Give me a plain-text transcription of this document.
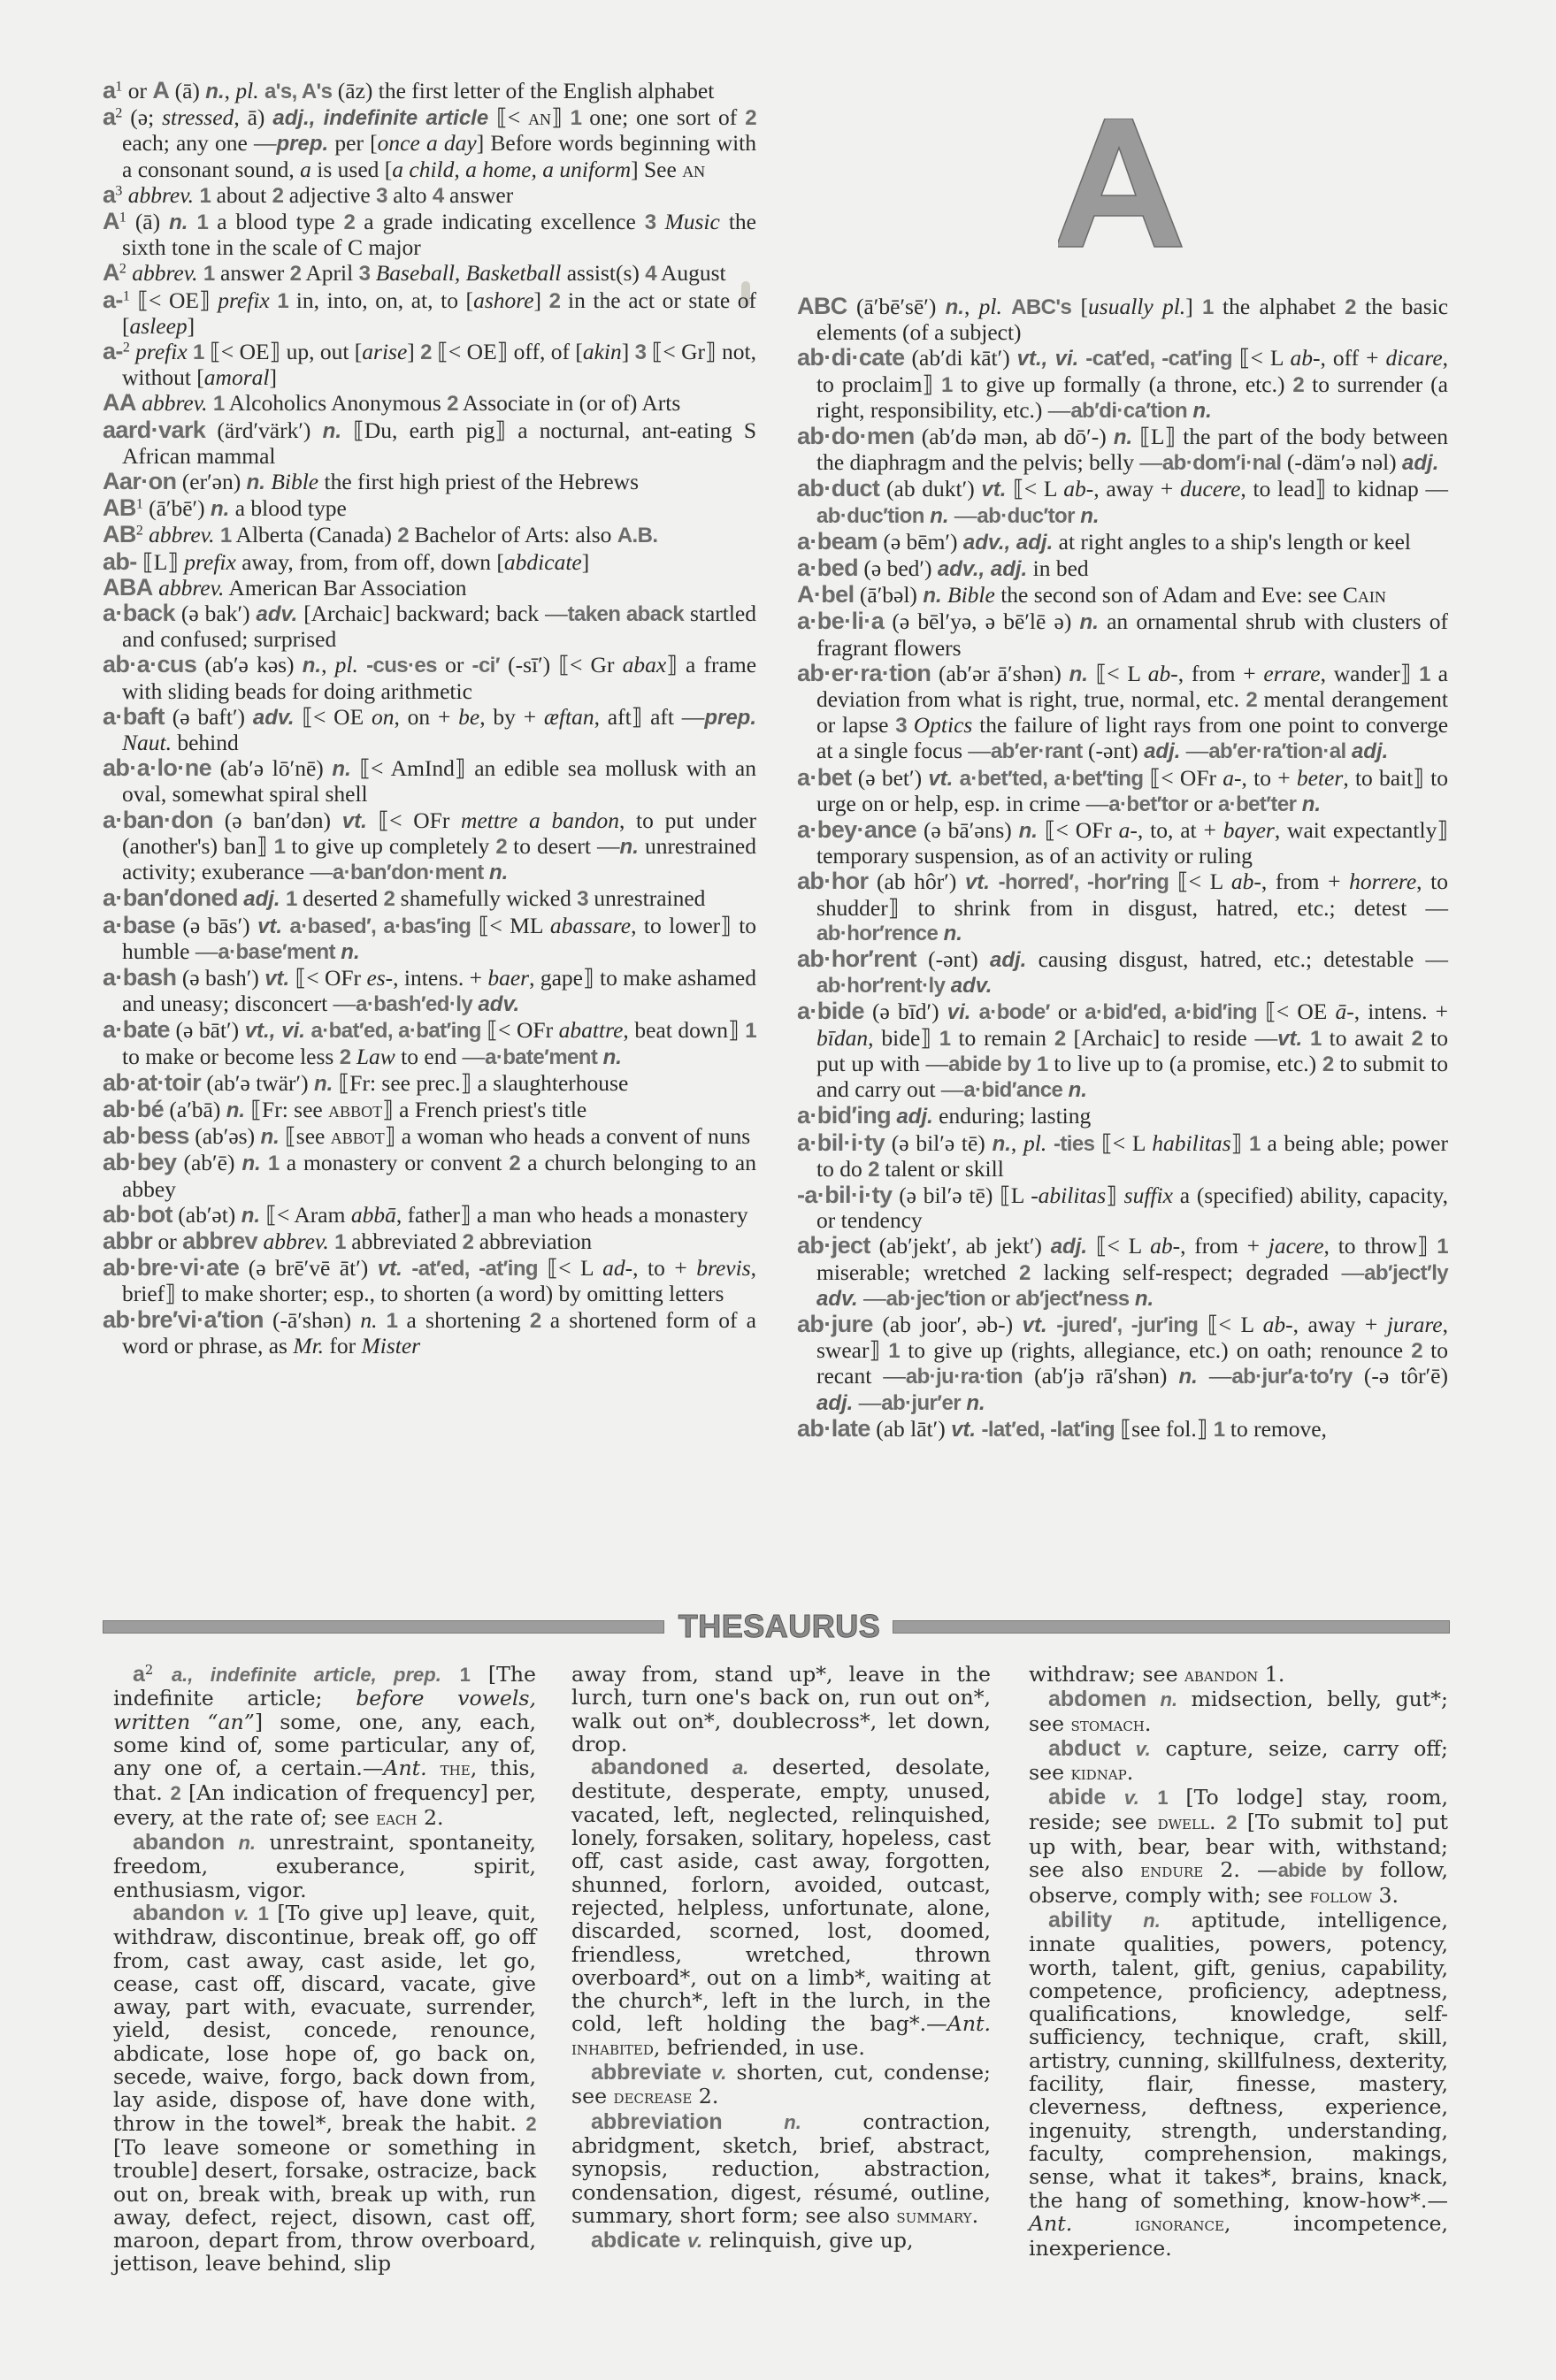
$a^1$ or A (ā) n., pl. a's, A's (āz) the first letter of the English alphabet

$a^2$ (ə; stressed, ā) adj., indefinite article ⟦< an⟧ 1 one; one sort of 2 each; any one —prep. per [once a day] Before words beginning with a consonant sound, a is used [a child, a home, a uniform] See an

$a^3$ abbrev. 1 about 2 adjective 3 alto 4 answer

$A^1$ (ā) n. 1 a blood type 2 a grade indicating excellence 3 Music the sixth tone in the scale of C major

$A^2$ abbrev. 1 answer 2 April 3 Baseball, Basketball assist(s) 4 August

a-$^1$ ⟦< OE⟧ prefix 1 in, into, on, at, to [ashore] 2 in the act or state of [asleep]

a-$^2$ prefix 1 ⟦< OE⟧ up, out [arise] 2 ⟦< OE⟧ off, of [akin] 3 ⟦< Gr⟧ not, without [amoral]

AA abbrev. 1 Alcoholics Anonymous 2 Associate in (or of) Arts

aard·vark (ärd′värk′) n. ⟦Du, earth pig⟧ a nocturnal, ant-eating S African mammal

Aar·on (er′ən) n. Bible the first high priest of the Hebrews

$AB^1$ (ā′bē′) n. a blood type

$AB^2$ abbrev. 1 Alberta (Canada) 2 Bachelor of Arts: also A.B.

ab- ⟦L⟧ prefix away, from, from off, down [abdicate]

ABA abbrev. American Bar Association

a·back (ə bak′) adv. [Archaic] backward; back —taken aback startled and confused; surprised

ab·a·cus (ab′ə kəs) n., pl. -cus·es or -ci′ (-sī′) ⟦< Gr abax⟧ a frame with sliding beads for doing arithmetic

a·baft (ə baft′) adv. ⟦< OE on, on + be, by + æftan, aft⟧ aft —prep. Naut. behind

ab·a·lo·ne (ab′ə lō′nē) n. ⟦< AmInd⟧ an edible sea mollusk with an oval, somewhat spiral shell

a·ban·don (ə ban′dən) vt. ⟦< OFr mettre a bandon, to put under (another's) ban⟧ 1 to give up completely 2 to desert —n. unrestrained activity; exuberance —a·ban′don·ment n.

a·ban′doned adj. 1 deserted 2 shamefully wicked 3 unrestrained

a·base (ə bās′) vt. a·based′, a·bas′ing ⟦< ML abassare, to lower⟧ to humble —a·base′ment n.

a·bash (ə bash′) vt. ⟦< OFr es-, intens. + baer, gape⟧ to make ashamed and uneasy; disconcert —a·bash′ed·ly adv.

a·bate (ə bāt′) vt., vi. a·bat′ed, a·bat′ing ⟦< OFr abattre, beat down⟧ 1 to make or become less 2 Law to end —a·bate′ment n.

ab·at·toir (ab′ə twär′) n. ⟦Fr: see prec.⟧ a slaughterhouse

ab·bé (a′bā) n. ⟦Fr: see abbot⟧ a French priest's title

ab·bess (ab′əs) n. ⟦see abbot⟧ a woman who heads a convent of nuns

ab·bey (ab′ē) n. 1 a monastery or convent 2 a church belonging to an abbey

ab·bot (ab′ət) n. ⟦< Aram abbā, father⟧ a man who heads a monastery

abbr or abbrev abbrev. 1 abbreviated 2 abbreviation

ab·bre·vi·ate (ə brē′vē āt′) vt. -at′ed, -at′ing ⟦< L ad-, to + brevis, brief⟧ to make shorter; esp., to shorten (a word) by omitting letters

ab·bre′vi·a′tion (-ā′shən) n. 1 a shortening 2 a shortened form of a word or phrase, as Mr. for Mister

ABC (ā′bē′sē′) n., pl. ABC's [usually pl.] 1 the alphabet 2 the basic elements (of a subject)

ab·di·cate (ab′di kāt′) vt., vi. -cat′ed, -cat′ing ⟦< L ab-, off + dicare, to proclaim⟧ 1 to give up formally (a throne, etc.) 2 to surrender (a right, responsibility, etc.) —ab′di·ca′tion n.

ab·do·men (ab′də mən, ab dō′-) n. ⟦L⟧ the part of the body between the diaphragm and the pelvis; belly —ab·dom′i·nal (-däm′ə nəl) adj.

ab·duct (ab dukt′) vt. ⟦< L ab-, away + ducere, to lead⟧ to kidnap —ab·duc′tion n. —ab·duc′tor n.

a·beam (ə bēm′) adv., adj. at right angles to a ship's length or keel

a·bed (ə bed′) adv., adj. in bed

A·bel (ā′bəl) n. Bible the second son of Adam and Eve: see Cain

a·be·li·a (ə bēl′yə, ə bē′lē ə) n. an ornamental shrub with clusters of fragrant flowers

ab·er·ra·tion (ab′ər ā′shən) n. ⟦< L ab-, from + errare, wander⟧ 1 a deviation from what is right, true, normal, etc. 2 mental derangement or lapse 3 Optics the failure of light rays from one point to converge at a single focus —ab′er·rant (-ənt) adj. —ab′er·ra′tion·al adj.

a·bet (ə bet′) vt. a·bet′ted, a·bet′ting ⟦< OFr a-, to + beter, to bait⟧ to urge on or help, esp. in crime —a·bet′tor or a·bet′ter n.

a·bey·ance (ə bā′əns) n. ⟦< OFr a-, to, at + bayer, wait expectantly⟧ temporary suspension, as of an activity or ruling

ab·hor (ab hôr′) vt. -horred′, -hor′ring ⟦< L ab-, from + horrere, to shudder⟧ to shrink from in disgust, hatred, etc.; detest —ab·hor′rence n.

ab·hor′rent (-ənt) adj. causing disgust, hatred, etc.; detestable —ab·hor′rent·ly adv.

a·bide (ə bīd′) vi. a·bode′ or a·bid′ed, a·bid′ing ⟦< OE ā-, intens. + bīdan, bide⟧ 1 to remain 2 [Archaic] to reside —vt. 1 to await 2 to put up with —abide by 1 to live up to (a promise, etc.) 2 to submit to and carry out —a·bid′ance n.

a·bid′ing adj. enduring; lasting

a·bil·i·ty (ə bil′ə tē) n., pl. -ties ⟦< L habilitas⟧ 1 a being able; power to do 2 talent or skill

-a·bil·i·ty (ə bil′ə tē) ⟦L -abilitas⟧ suffix a (specified) ability, capacity, or tendency

ab·ject (ab′jekt′, ab jekt′) adj. ⟦< L ab-, from + jacere, to throw⟧ 1 miserable; wretched 2 lacking self-respect; degraded —ab′ject′ly adv. —ab·jec′tion or ab′ject′ness n.

ab·jure (ab joor′, əb-) vt. -jured′, -jur′ing ⟦< L ab-, away + jurare, swear⟧ 1 to give up (rights, allegiance, etc.) on oath; renounce 2 to recant —ab·ju·ra·tion (ab′jə rā′shən) n. —ab·jur′a·to′ry (-ə tôr′ē) adj. —ab·jur′er n.

ab·late (ab lāt′) vt. -lat′ed, -lat′ing ⟦see fol.⟧ 1 to remove,

THESAURUS

$a^2$ a., indefinite article, prep. 1 [The indefinite article; before vowels, written “an”] some, one, any, each, some kind of, some particular, any of, any one of, a certain.—Ant. the, this, that. 2 [An indication of frequency] per, every, at the rate of; see each 2.

abandon n. unrestraint, spontaneity, freedom, exuberance, spirit, enthusiasm, vigor.

abandon v. 1 [To give up] leave, quit, withdraw, discontinue, break off, go off from, cast away, cast aside, let go, cease, cast off, discard, vacate, give away, part with, evacuate, surrender, yield, desist, concede, renounce, abdicate, lose hope of, go back on, secede, waive, forgo, back down from, lay aside, dispose of, have done with, throw in the towel*, break the habit. 2 [To leave someone or something in trouble] desert, forsake, ostracize, back out on, break with, break up with, run away, defect, reject, disown, cast off, maroon, depart from, throw overboard, jettison, leave behind, slip

away from, stand up*, leave in the lurch, turn one's back on, run out on*, walk out on*, doublecross*, let down, drop.

abandoned a. deserted, desolate, destitute, desperate, empty, unused, vacated, left, neglected, relinquished, lonely, forsaken, solitary, hopeless, cast off, cast aside, cast away, forgotten, shunned, forlorn, avoided, outcast, rejected, helpless, unfortunate, alone, discarded, scorned, lost, doomed, friendless, wretched, thrown overboard*, out on a limb*, waiting at the church*, left in the lurch, in the cold, left holding the bag*.—Ant. inhabited, befriended, in use.

abbreviate v. shorten, cut, condense; see decrease 2.

abbreviation	n. contraction, abridgment, sketch, brief, abstract, synopsis, reduction, abstraction, condensation, digest, résumé, outline, summary, short form; see also summary.

abdicate v. relinquish, give up,

withdraw; see abandon 1.

abdomen n. midsection, belly, gut*; see stomach.

abduct v. capture, seize, carry off; see kidnap.

abide v. 1 [To lodge] stay, room, reside; see dwell. 2 [To submit to] put up with, bear, bear with, withstand; see also endure 2. —abide by follow, observe, comply with; see follow 3.

ability n. aptitude, intelligence, innate qualities, powers, potency, worth, talent, gift, genius, capability, competence, proficiency, adeptness, qualifications, knowledge, self-sufficiency, technique, craft, skill, artistry, cunning, skillfulness, dexterity, facility, flair, finesse, mastery, cleverness, deftness, experience, ingenuity, strength, understanding, faculty, comprehension, makings, sense, what it takes*, brains, knack, the hang of something, know-how*.—Ant.	ignorance, incompetence, inexperience.
